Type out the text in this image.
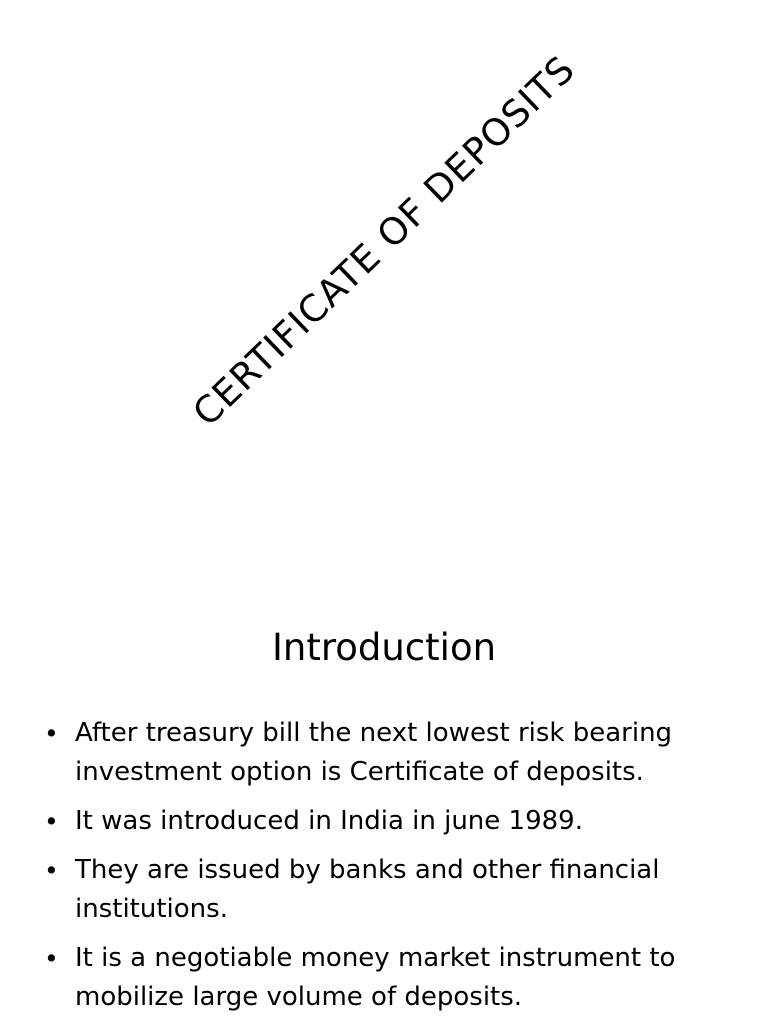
CERTIFICATE OF DEPOSITS
Introduction
• After treasury bill the next lowest risk bearing investment option is Certificate of deposits.
• It was introduced in India in june 1989.
• They are issued by banks and other financial institutions.
• It is a negotiable money market instrument to mobilize large volume of deposits.
